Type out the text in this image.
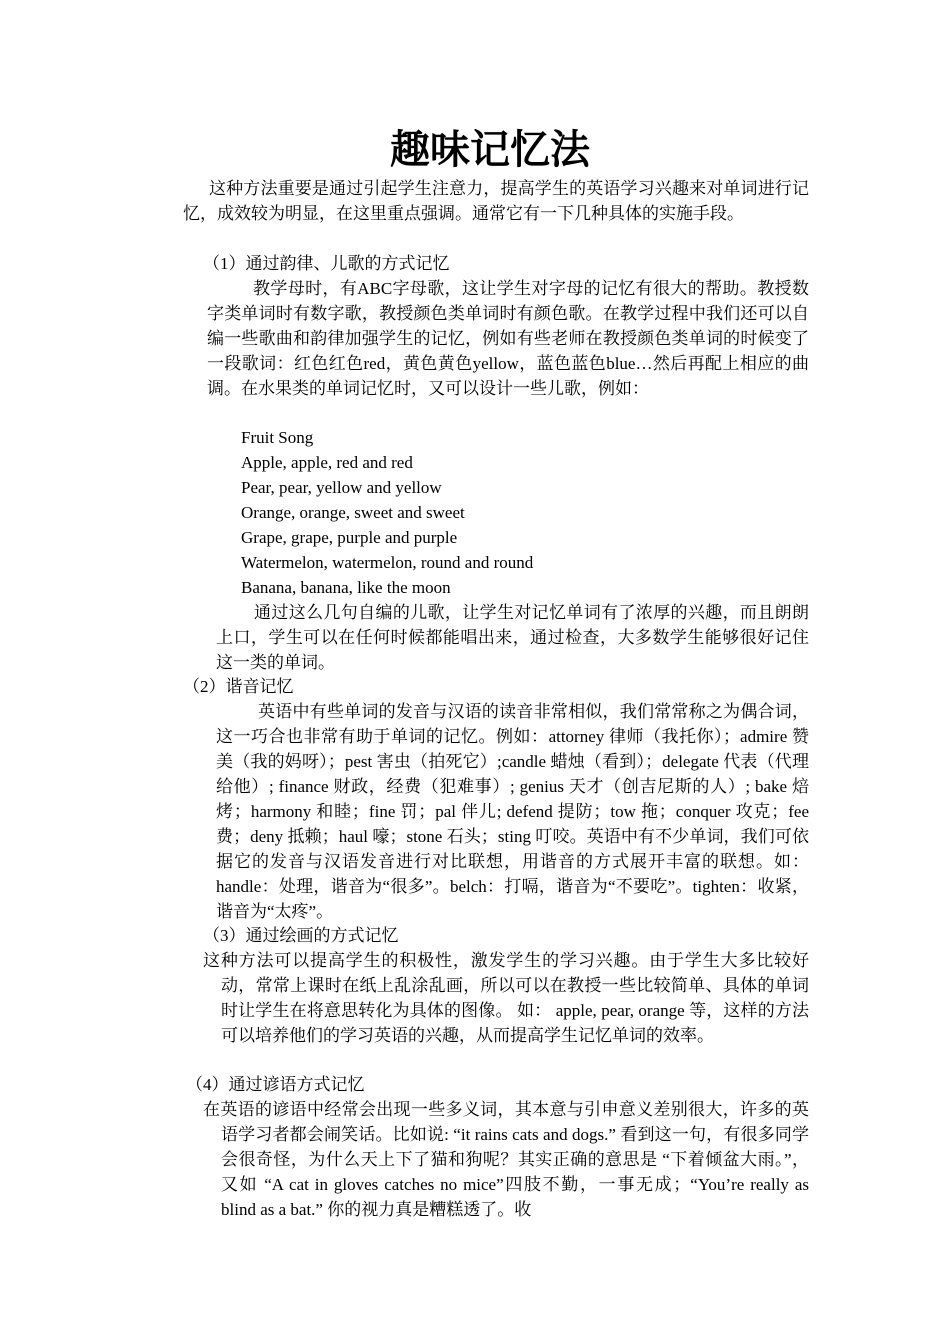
趣味记忆法

这种方法重要是通过引起学生注意力，提高学生的英语学习兴趣来对单词进行记忆，成效较为明显，在这里重点强调。通常它有一下几种具体的实施手段。

（1）通过韵律、儿歌的方式记忆

教学母时，有ABC字母歌，这让学生对字母的记忆有很大的帮助。教授数字类单词时有数字歌，教授颜色类单词时有颜色歌。在教学过程中我们还可以自编一些歌曲和韵律加强学生的记忆，例如有些老师在教授颜色类单词的时候变了一段歌词：红色红色red，黄色黄色yellow，蓝色蓝色blue…然后再配上相应的曲调。在水果类的单词记忆时，又可以设计一些儿歌，例如：

Fruit Song

Apple, apple, red and red

Pear, pear, yellow and yellow

Orange, orange, sweet and sweet

Grape, grape, purple and purple

Watermelon, watermelon, round and round

Banana, banana, like the moon

通过这么几句自编的儿歌，让学生对记忆单词有了浓厚的兴趣，而且朗朗上口，学生可以在任何时候都能唱出来，通过检查，大多数学生能够很好记住这一类的单词。

（2）谐音记忆

英语中有些单词的发音与汉语的读音非常相似，我们常常称之为偶合词，这一巧合也非常有助于单词的记忆。例如：attorney 律师（我托你）；admire 赞美（我的妈呀）；pest 害虫（拍死它）;candle 蜡烛（看到）；delegate 代表（代理给他）; finance 财政，经费（犯难事）; genius 天才（创吉尼斯的人）; bake 焙烤；harmony 和睦；fine 罚；pal 伴儿; defend 提防；tow 拖；conquer 攻克；fee 费；deny 抵赖；haul 嚎；stone 石头；sting 叮咬。英语中有不少单词，我们可依据它的发音与汉语发音进行对比联想，用谐音的方式展开丰富的联想。如：handle：处理，谐音为“很多”。belch：打嗝，谐音为“不要吃”。tighten：收紧，谐音为“太疼”。

（3）通过绘画的方式记忆

这种方法可以提高学生的积极性，激发学生的学习兴趣。由于学生大多比较好动，常常上课时在纸上乱涂乱画，所以可以在教授一些比较简单、具体的单词时让学生在将意思转化为具体的图像。 如： apple, pear, orange 等，这样的方法可以培养他们的学习英语的兴趣，从而提高学生记忆单词的效率。

（4）通过谚语方式记忆

在英语的谚语中经常会出现一些多义词，其本意与引申意义差别很大，许多的英语学习者都会闹笑话。比如说: “it rains cats and dogs.” 看到这一句，有很多同学会很奇怪，为什么天上下了猫和狗呢？其实正确的意思是 “下着倾盆大雨。”，又如 “A cat in gloves catches no mice”四肢不勤，一事无成；“You’re really as blind as a bat.” 你的视力真是糟糕透了。收
